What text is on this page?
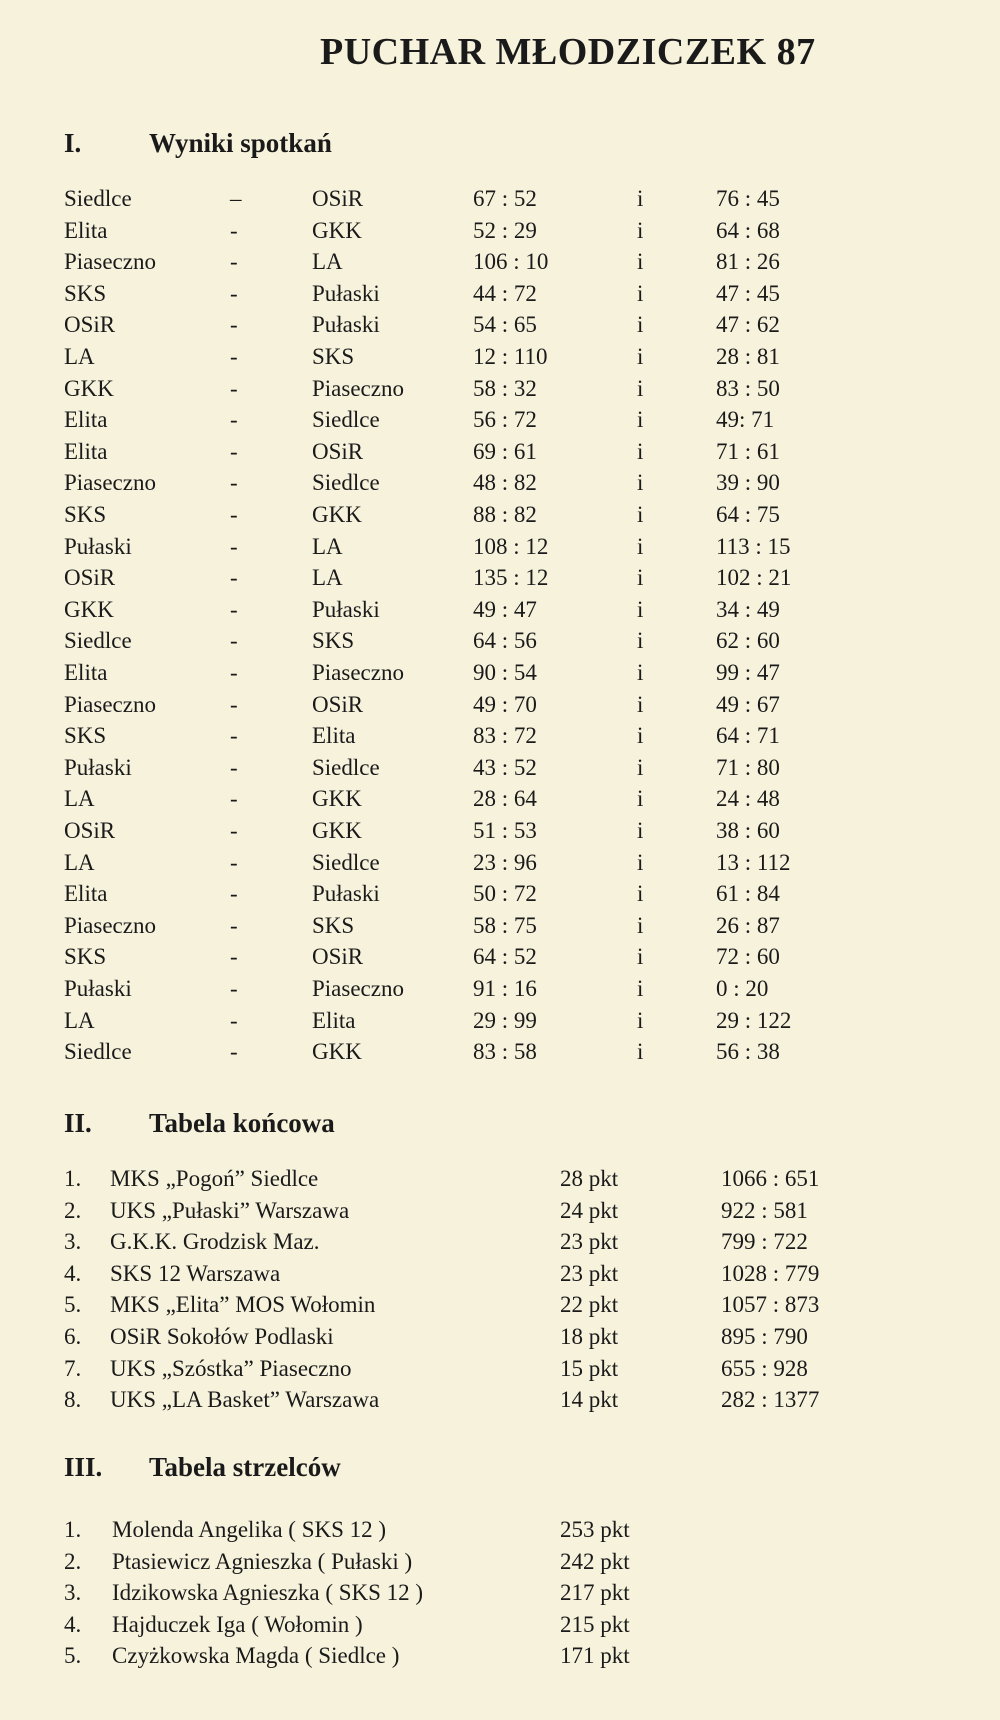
PUCHAR MŁODZICZEK 87
I.	Wyniki spotkań
Siedlce	–	OSiR	67 : 52	i	76 : 45
Elita	-	GKK	52 : 29	i	64 : 68
Piaseczno	-	LA	106 : 10	i	81 : 26
SKS	-	Pułaski	44 : 72	i	47 : 45
OSiR	-	Pułaski	54 : 65	i	47 : 62
LA	-	SKS	12 : 110	i	28 : 81
GKK	-	Piaseczno	58 : 32	i	83 : 50
Elita	-	Siedlce	56 : 72	i	49: 71
Elita	-	OSiR	69 : 61	i	71 : 61
Piaseczno	-	Siedlce	48 : 82	i	39 : 90
SKS	-	GKK	88 : 82	i	64 : 75
Pułaski	-	LA	108 : 12	i	113 : 15
OSiR	-	LA	135 : 12	i	102 : 21
GKK	-	Pułaski	49 : 47	i	34 : 49
Siedlce	-	SKS	64 : 56	i	62 : 60
Elita	-	Piaseczno	90 : 54	i	99 : 47
Piaseczno	-	OSiR	49 : 70	i	49 : 67
SKS	-	Elita	83 : 72	i	64 : 71
Pułaski	-	Siedlce	43 : 52	i	71 : 80
LA	-	GKK	28 : 64	i	24 : 48
OSiR	-	GKK	51 : 53	i	38 : 60
LA	-	Siedlce	23 : 96	i	13 : 112
Elita	-	Pułaski	50 : 72	i	61 : 84
Piaseczno	-	SKS	58 : 75	i	26 : 87
SKS	-	OSiR	64 : 52	i	72 : 60
Pułaski	-	Piaseczno	91 : 16	i	0 : 20
LA	-	Elita	29 : 99	i	29 : 122
Siedlce	-	GKK	83 : 58	i	56 : 38
II. Tabela końcowa
1. MKS „Pogoń” Siedlce	28 pkt	1066 : 651
2. UKS „Pułaski” Warszawa	24 pkt	922 : 581
3. G.K.K. Grodzisk Maz.	23 pkt	799 : 722
4. SKS 12 Warszawa	23 pkt	1028 : 779
5. MKS „Elita” MOS Wołomin	22 pkt	1057 : 873
6. OSiR Sokołów Podlaski	18 pkt	895 : 790
7. UKS „Szóstka” Piaseczno	15 pkt	655 : 928
8. UKS „LA Basket” Warszawa	14 pkt	282 : 1377
III. Tabela strzelców
1. Molenda Angelika ( SKS 12 )	253 pkt
2. Ptasiewicz Agnieszka ( Pułaski )	242 pkt
3. Idzikowska Agnieszka ( SKS 12 )	217 pkt
4. Hajduczek Iga ( Wołomin )	215 pkt
5. Czyżkowska Magda ( Siedlce )	171 pkt
